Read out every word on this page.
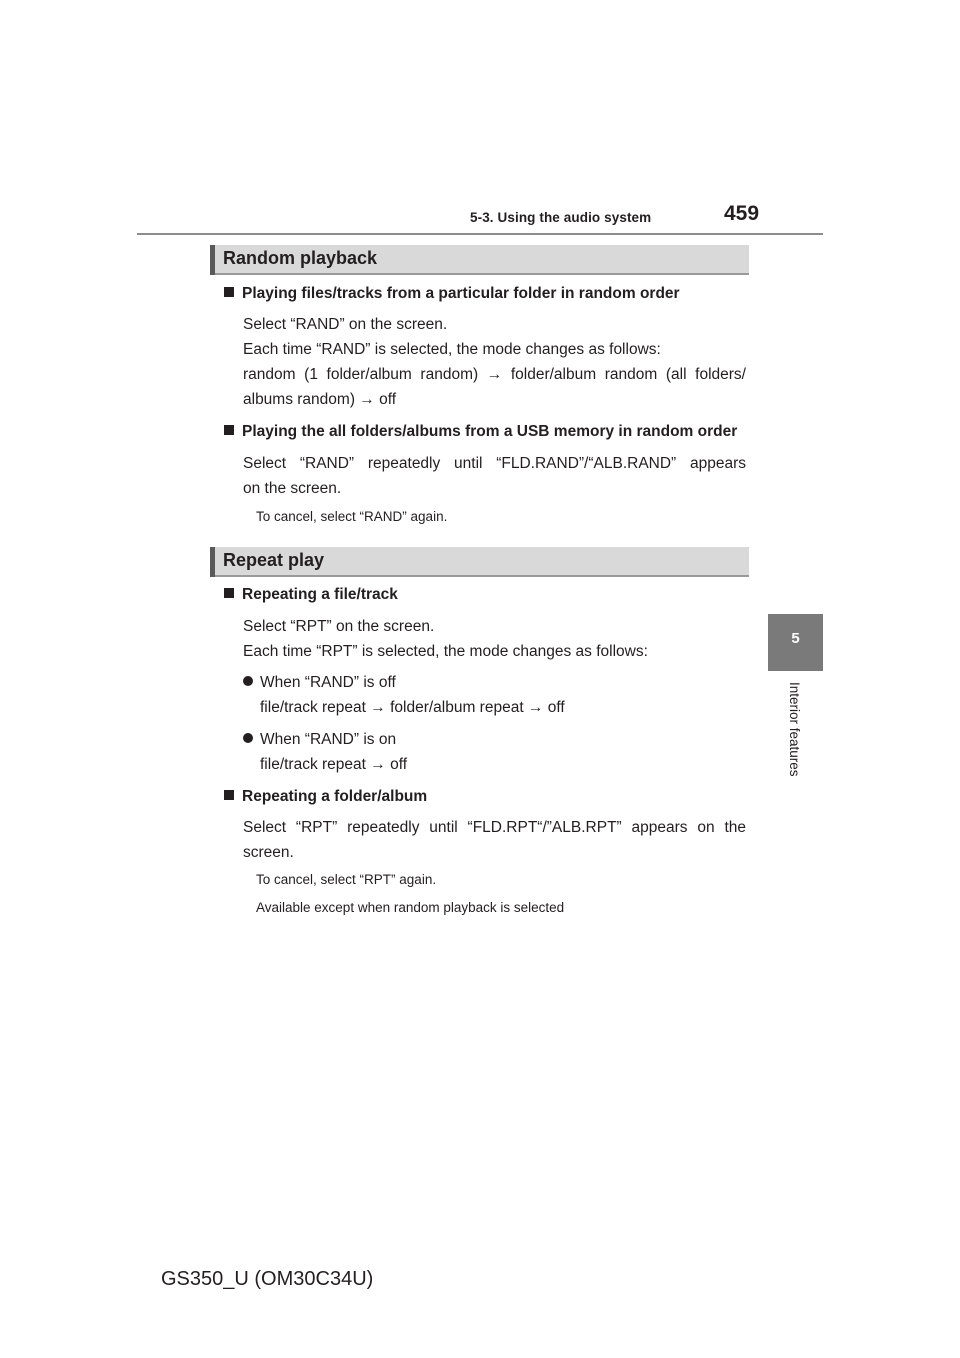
5-3. Using the audio system	459
5
Interior features
Random playback
Playing files/tracks from a particular folder in random order
Select “RAND” on the screen.
Each time “RAND” is selected, the mode changes as follows:
random (1 folder/album random) → folder/album random (all folders/
albums random) → off
Playing the all folders/albums from a USB memory in random order
Select “RAND” repeatedly until “FLD.RAND”/“ALB.RAND” appears
on the screen.
To cancel, select “RAND” again.
Repeat play
Repeating a file/track
Select “RPT” on the screen.
Each time “RPT” is selected, the mode changes as follows:
When “RAND” is off
file/track repeat → folder/album repeat → off
When “RAND” is on
file/track repeat → off
Repeating a folder/album
Select “RPT” repeatedly until “FLD.RPT“/”ALB.RPT” appears on the
screen.
To cancel, select “RPT” again.
Available except when random playback is selected
GS350_U (OM30C34U)
